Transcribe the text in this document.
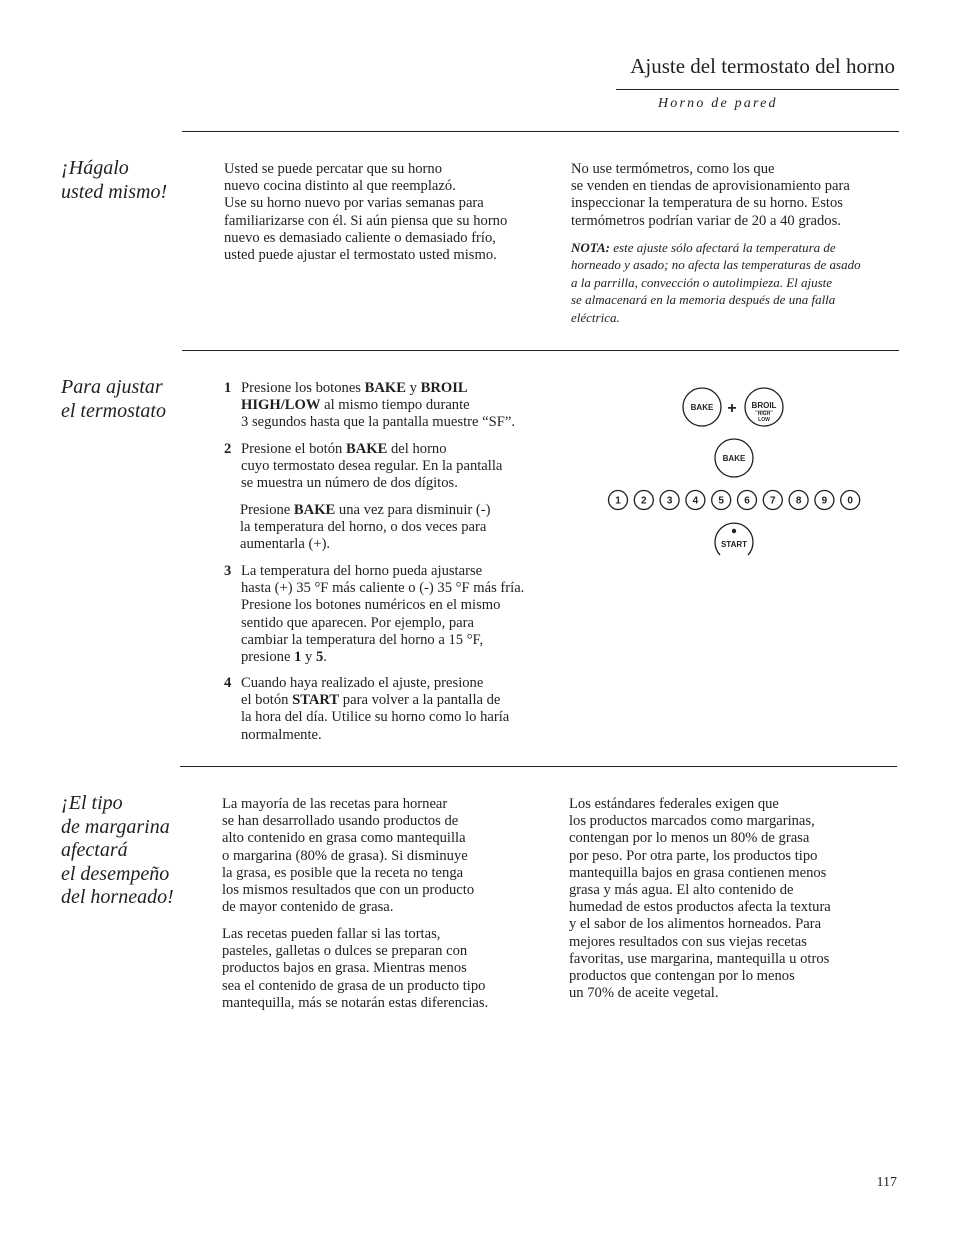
Ajuste del termostato del horno
Horno de pared
¡Hágalo
usted mismo!
Usted se puede percatar que su horno
nuevo cocina distinto al que reemplazó.
Use su horno nuevo por varias semanas para
familiarizarse con él. Si aún piensa que su horno
nuevo es demasiado caliente o demasiado frío,
usted puede ajustar el termostato usted mismo.
No use termómetros, como los que
se venden en tiendas de aprovisionamiento para
inspeccionar la temperatura de su horno. Estos
termómetros podrían variar de 20 a 40 grados.
NOTA: este ajuste sólo afectará la temperatura de
horneado y asado; no afecta las temperaturas de asado
a la parrilla, convección o autolimpieza. El ajuste
se almacenará en la memoria después de una falla
eléctrica.
Para ajustar
el termostato
1 Presione los botones BAKE y BROIL
HIGH/LOW al mismo tiempo durante
3 segundos hasta que la pantalla muestre “SF”.
2 Presione el botón BAKE del horno
cuyo termostato desea regular. En la pantalla
se muestra un número de dos dígitos.
Presione BAKE una vez para disminuir (-)
la temperatura del horno, o dos veces para
aumentarla (+).
3 La temperatura del horno pueda ajustarse
hasta (+) 35 °F más caliente o (-) 35 °F más fría.
Presione los botones numéricos en el mismo
sentido que aparecen. Por ejemplo, para
cambiar la temperatura del horno a 15 °F,
presione 1 y 5.
4 Cuando haya realizado el ajuste, presione
el botón START para volver a la pantalla de
la hora del día. Utilice su horno como lo haría
normalmente.
BAKE + BROIL
HIGH
LOW
BAKE
1 2 3 4 5 6 7 8 9 0
START
¡El tipo
de margarina
afectará
el desempeño
del horneado!
La mayoría de las recetas para hornear
se han desarrollado usando productos de
alto contenido en grasa como mantequilla
o margarina (80% de grasa). Si disminuye
la grasa, es posible que la receta no tenga
los mismos resultados que con un producto
de mayor contenido de grasa.
Las recetas pueden fallar si las tortas,
pasteles, galletas o dulces se preparan con
productos bajos en grasa. Mientras menos
sea el contenido de grasa de un producto tipo
mantequilla, más se notarán estas diferencias.
Los estándares federales exigen que
los productos marcados como margarinas,
contengan por lo menos un 80% de grasa
por peso. Por otra parte, los productos tipo
mantequilla bajos en grasa contienen menos
grasa y más agua. El alto contenido de
humedad de estos productos afecta la textura
y el sabor de los alimentos horneados. Para
mejores resultados con sus viejas recetas
favoritas, use margarina, mantequilla u otros
productos que contengan por lo menos
un 70% de aceite vegetal.
117
